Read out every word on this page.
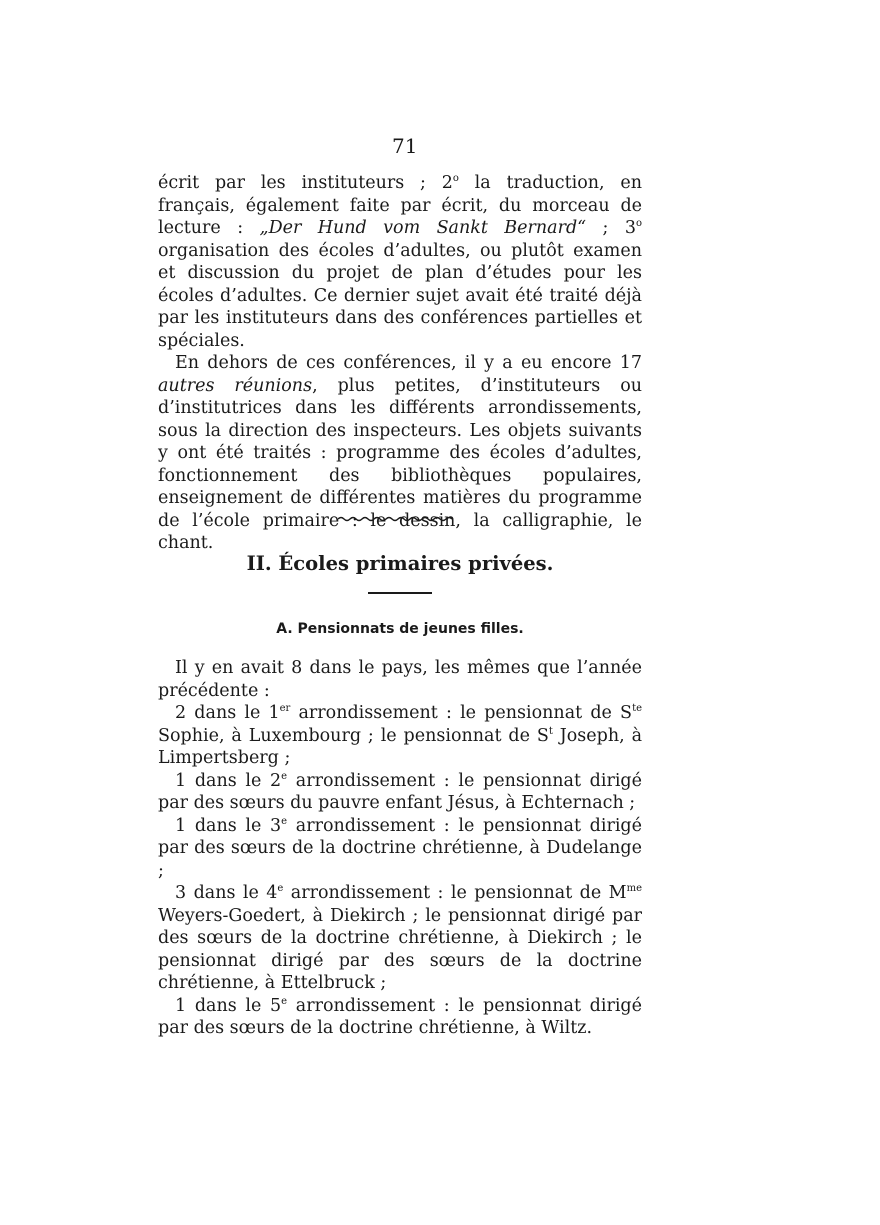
71

écrit par les instituteurs ; 2$^o$ la traduction, en français, également faite par écrit, du morceau de lecture : „Der Hund vom Sankt Bernard“ ; 3$^o$ organisation des écoles d’adultes, ou plutôt examen et discussion du projet de plan d’études pour les écoles d’adultes. Ce dernier sujet avait été traité déjà par les instituteurs dans des conférences partielles et spéciales.

En dehors de ces conférences, il y a eu encore 17 autres réunions, plus petites, d’instituteurs ou d’institutrices dans les différents arrondissements, sous la direction des inspecteurs. Les objets suivants y ont été traités : programme des écoles d’adultes, fonctionnement des bibliothèques populaires, enseignement de différentes matières du programme de l’école primaire : le dessin, la calligraphie, le chant.

II. Écoles primaires privées.
A. Pensionnats de jeunes filles.

Il y en avait 8 dans le pays, les mêmes que l’année précédente :

2 dans le 1er arrondissement : le pensionnat de $S^{te}$ Sophie, à Luxembourg ; le pensionnat de $S^t$ Joseph, à Limpertsberg ;

1 dans le 2e arrondissement : le pensionnat dirigé par des sœurs du pauvre enfant Jésus, à Echternach ;

1 dans le 3e arrondissement : le pensionnat dirigé par des sœurs de la doctrine chrétienne, à Dudelange ;

3 dans le 4e arrondissement : le pensionnat de $M^{me}$ Weyers-Goedert, à Diekirch ; le pensionnat dirigé par des sœurs de la doctrine chrétienne, à Diekirch ; le pensionnat dirigé par des sœurs de la doctrine chrétienne, à Ettelbruck ;

1 dans le 5e arrondissement : le pensionnat dirigé par des sœurs de la doctrine chrétienne, à Wiltz.
